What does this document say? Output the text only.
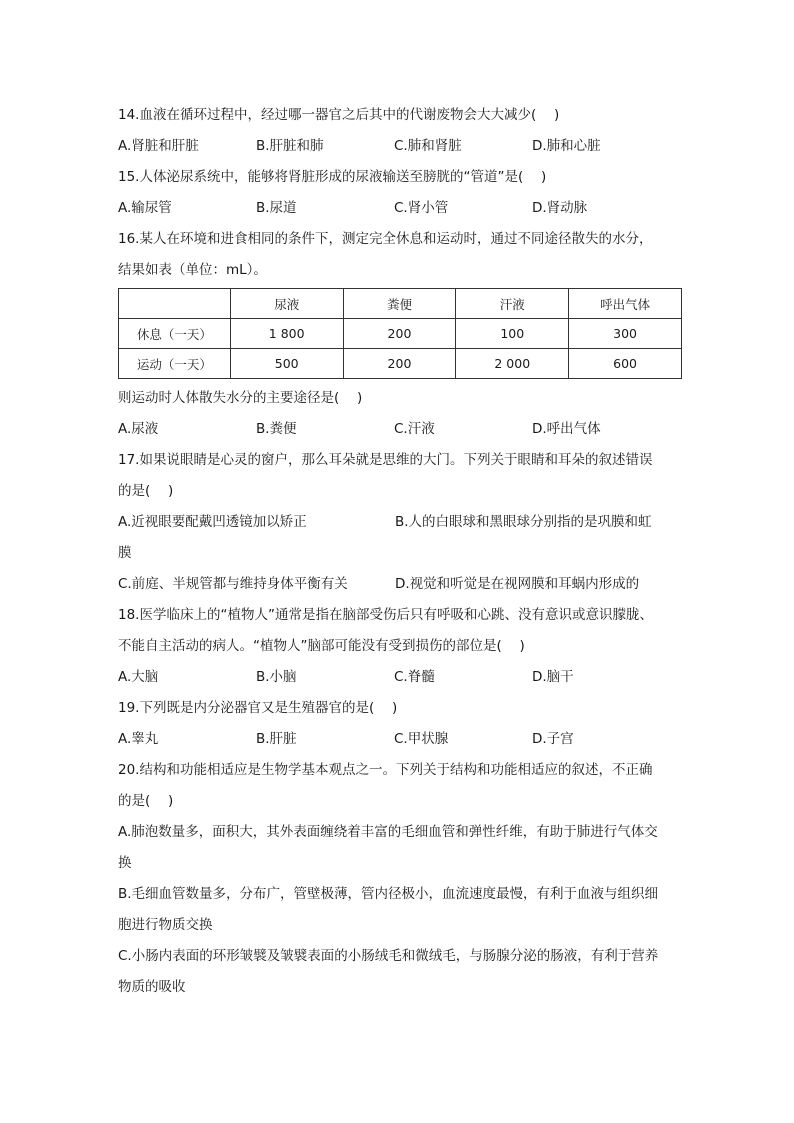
14.血液在循环过程中，经过哪一器官之后其中的代谢废物会大大减少(　 )
A.肾脏和肝脏	B.肝脏和肺	C.肺和肾脏	D.肺和心脏
15.人体泌尿系统中，能够将肾脏形成的尿液输送至膀胱的“管道”是(　 )
A.输尿管	B.尿道	C.肾小管	D.肾动脉
16.某人在环境和进食相同的条件下，测定完全休息和运动时，通过不同途径散失的水分，
结果如表（单位：mL）。
	尿液	粪便	汗液	呼出气体
休息（一天）	1 800	200	100	300
运动（一天）	500	200	2 000	600
则运动时人体散失水分的主要途径是(　 )
A.尿液	B.粪便	C.汗液	D.呼出气体
17.如果说眼睛是心灵的窗户，那么耳朵就是思维的大门。下列关于眼睛和耳朵的叙述错误
的是(　 )
A.近视眼要配戴凹透镜加以矫正	B.人的白眼球和黑眼球分别指的是巩膜和虹
膜
C.前庭、半规管都与维持身体平衡有关	D.视觉和听觉是在视网膜和耳蜗内形成的
18.医学临床上的“植物人”通常是指在脑部受伤后只有呼吸和心跳、没有意识或意识朦胧、
不能自主活动的病人。“植物人”脑部可能没有受到损伤的部位是(　 )
A.大脑	B.小脑	C.脊髓	D.脑干
19.下列既是内分泌器官又是生殖器官的是(　 )
A.睾丸	B.肝脏	C.甲状腺	D.子宫
20.结构和功能相适应是生物学基本观点之一。下列关于结构和功能相适应的叙述，不正确
的是(　 )
A.肺泡数量多，面积大，其外表面缠绕着丰富的毛细血管和弹性纤维，有助于肺进行气体交
换
B.毛细血管数量多，分布广，管壁极薄，管内径极小，血流速度最慢，有利于血液与组织细
胞进行物质交换
C.小肠内表面的环形皱襞及皱襞表面的小肠绒毛和微绒毛，与肠腺分泌的肠液，有利于营养
物质的吸收
